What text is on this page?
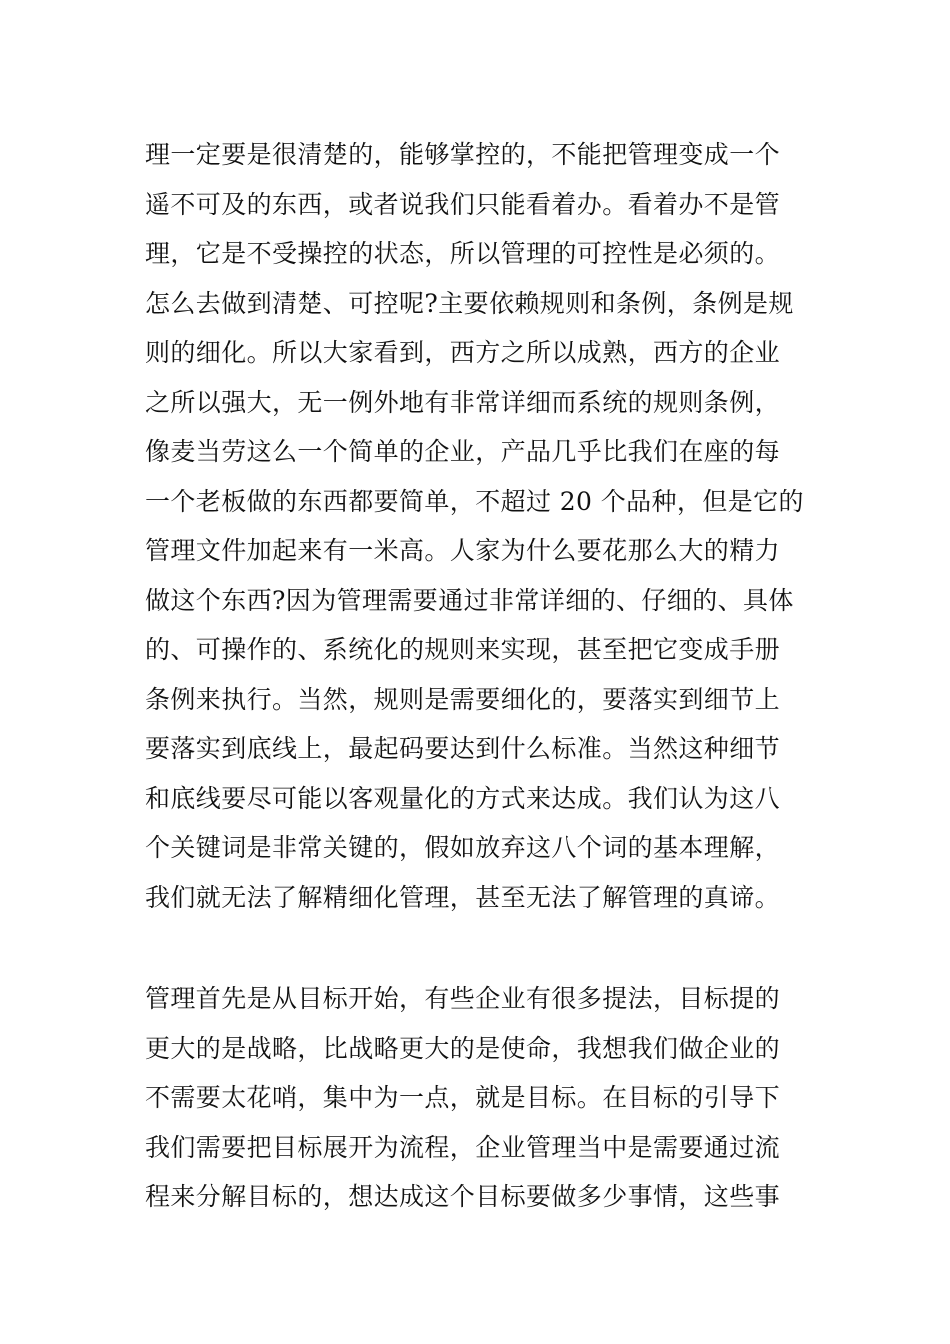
理一定要是很清楚的，能够掌控的，不能把管理变成一个
遥不可及的东西，或者说我们只能看着办。看着办不是管
理，它是不受操控的状态，所以管理的可控性是必须的。
怎么去做到清楚、可控呢?主要依赖规则和条例，条例是规
则的细化。所以大家看到，西方之所以成熟，西方的企业
之所以强大，无一例外地有非常详细而系统的规则条例，
像麦当劳这么一个简单的企业，产品几乎比我们在座的每
一个老板做的东西都要简单，不超过 20 个品种，但是它的
管理文件加起来有一米高。人家为什么要花那么大的精力
做这个东西?因为管理需要通过非常详细的、仔细的、具体
的、可操作的、系统化的规则来实现，甚至把它变成手册
条例来执行。当然，规则是需要细化的，要落实到细节上
要落实到底线上，最起码要达到什么标准。当然这种细节
和底线要尽可能以客观量化的方式来达成。我们认为这八
个关键词是非常关键的，假如放弃这八个词的基本理解，
我们就无法了解精细化管理，甚至无法了解管理的真谛。
管理首先是从目标开始，有些企业有很多提法，目标提的
更大的是战略，比战略更大的是使命，我想我们做企业的
不需要太花哨，集中为一点，就是目标。在目标的引导下
我们需要把目标展开为流程，企业管理当中是需要通过流
程来分解目标的，想达成这个目标要做多少事情，这些事
